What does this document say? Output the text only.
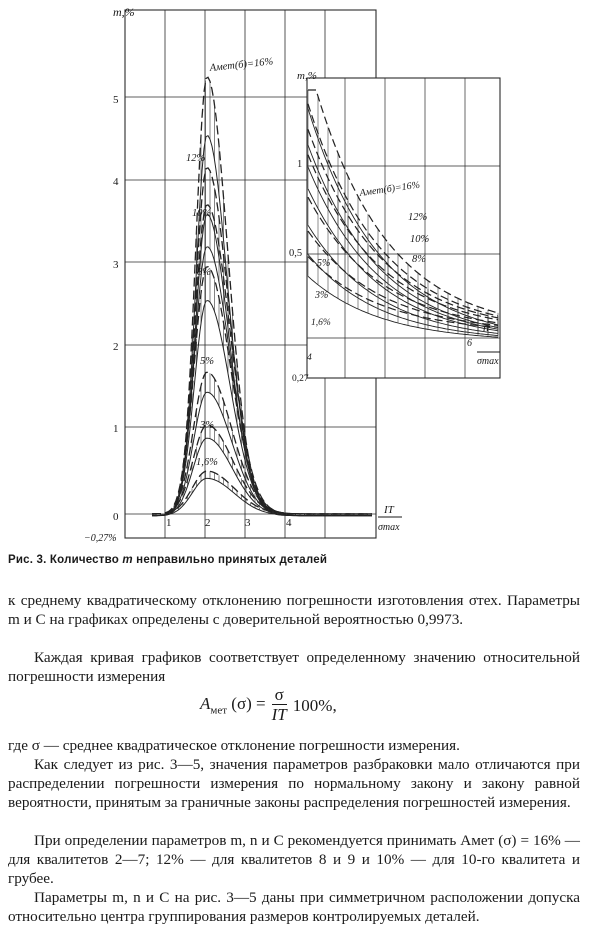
m,%
5
4
3
2
1
0
−0,27%
1	2	3	4
IT
σmax
Aмет(б)=16%
12%
10%
8%
5%
3%
1,6%
m,%
1
0,5
0,27
4
6
n
σmax
Aмет(б)=16%
12%
10%
8%
5%
3%
1,6%
Рис. 3. Количество m неправильно принятых деталей
к среднему квадратическому отклонению погрешности изготовления σтех. Параметры m и C на графиках определены с доверительной вероятностью 0,9973.
Каждая кривая графиков соответствует определенному значению относительной погрешности измерения
$A_{мет}$ $(\sigma) = \frac{\sigma}{IT} 100\%$,
где σ — среднее квадратическое отклонение погрешности измерения.
Как следует из рис. 3—5, значения параметров разбраковки мало отличаются при распределении погрешности измерения по нормальному закону и закону равной вероятности, принятым за граничные законы распределения погрешностей измерения.
При определении параметров m, n и C рекомендуется принимать Aмет (σ) = 16% — для квалитетов 2—7; 12% — для квалитетов 8 и 9 и 10% — для 10-го квалитета и грубее.
Параметры m, n и C на рис. 3—5 даны при симметричном расположении допуска относительно центра группирования размеров контролируемых деталей.
